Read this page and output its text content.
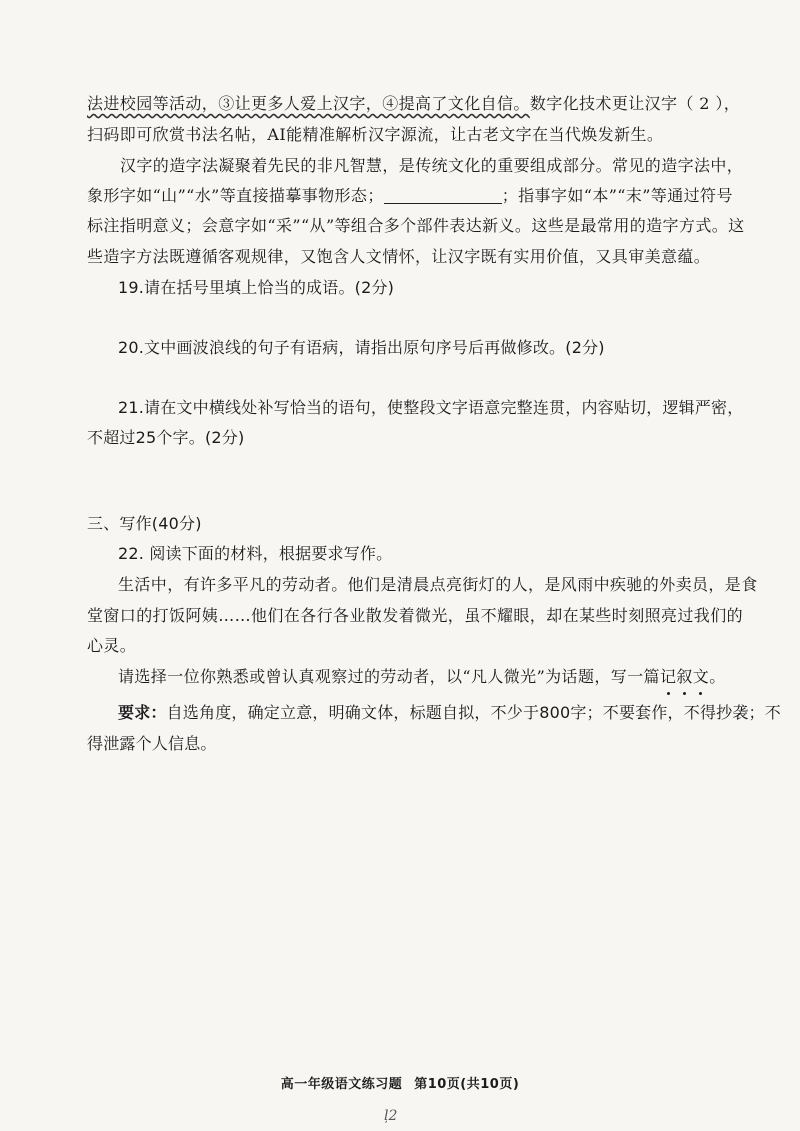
法进校园等活动，③让更多人爱上汉字，④提高了文化自信。数字化技术更让汉字（ 2 ），
扫码即可欣赏书法名帖，AI能精准解析汉字源流，让古老文字在当代焕发新生。
汉字的造字法凝聚着先民的非凡智慧，是传统文化的重要组成部分。常见的造字法中，
象形字如“山”“水”等直接描摹事物形态；	；指事字如“本”“末”等通过符号
标注指明意义；会意字如“采”“从”等组合多个部件表达新义。这些是最常用的造字方式。这
些造字方法既遵循客观规律，又饱含人文情怀，让汉字既有实用价值，又具审美意蕴。
19.请在括号里填上恰当的成语。(2分)
20.文中画波浪线的句子有语病，请指出原句序号后再做修改。(2分)
21.请在文中横线处补写恰当的语句，使整段文字语意完整连贯，内容贴切，逻辑严密，
不超过25个字。(2分)
三、写作(40分)
22. 阅读下面的材料，根据要求写作。
生活中，有许多平凡的劳动者。他们是清晨点亮街灯的人，是风雨中疾驰的外卖员，是食
堂窗口的打饭阿姨……他们在各行各业散发着微光，虽不耀眼，却在某些时刻照亮过我们的
心灵。
请选择一位你熟悉或曾认真观察过的劳动者，以“凡人微光”为话题，写一篇记叙文。
要求：自选角度，确定立意，明确文体，标题自拟，不少于800字；不要套作，不得抄袭；不
得泄露个人信息。
高一年级语文练习题 第10页(共10页)
ļ2
